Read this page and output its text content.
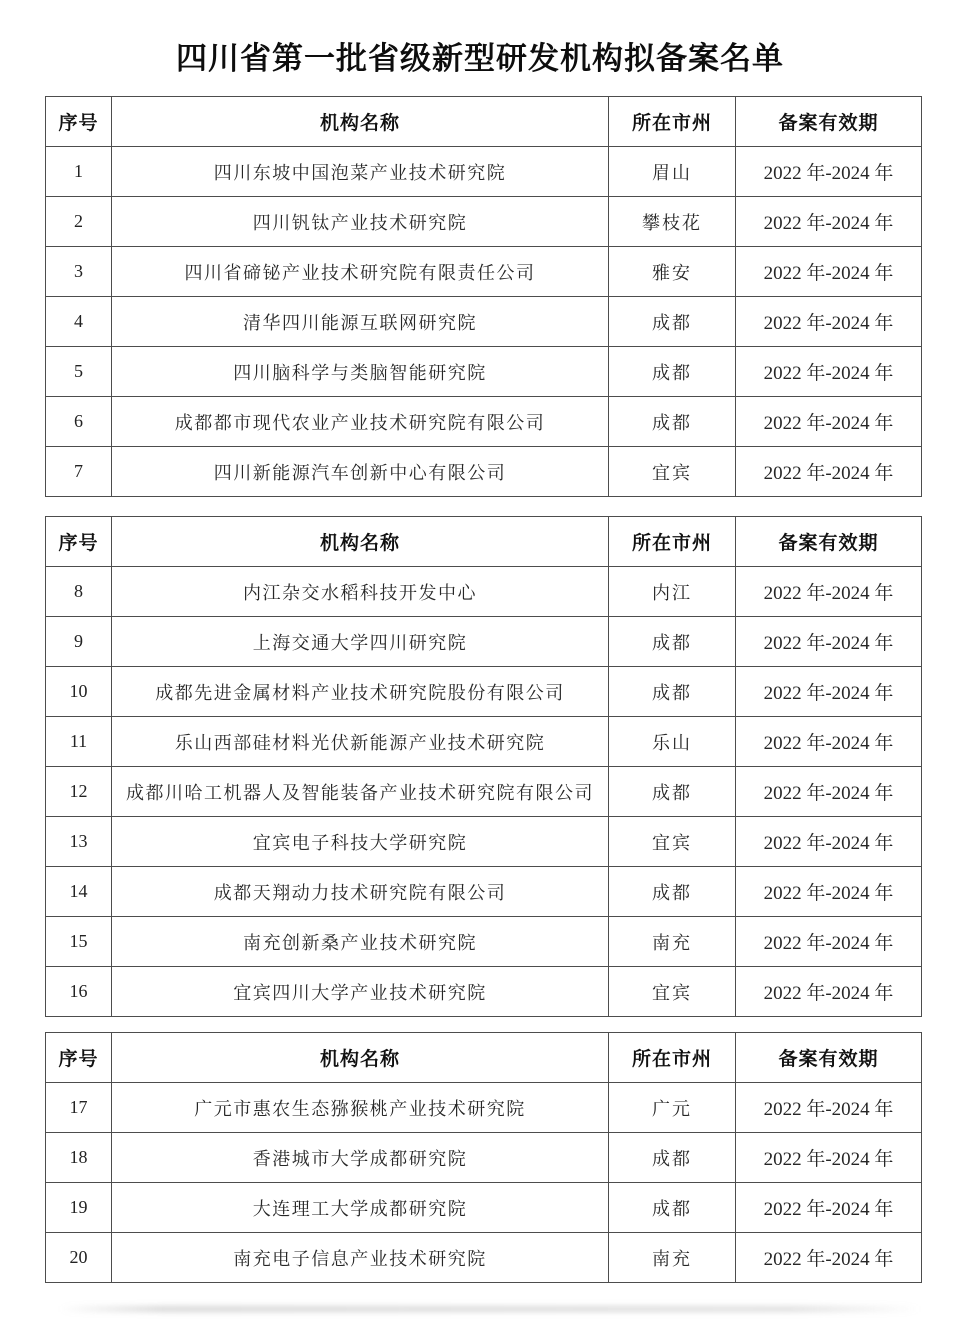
四川省第一批省级新型研发机构拟备案名单
序号	机构名称	所在市州	备案有效期
1	四川东坡中国泡菜产业技术研究院	眉山	2022 年-2024 年
2	四川钒钛产业技术研究院	攀枝花	2022 年-2024 年
3	四川省碲铋产业技术研究院有限责任公司	雅安	2022 年-2024 年
4	清华四川能源互联网研究院	成都	2022 年-2024 年
5	四川脑科学与类脑智能研究院	成都	2022 年-2024 年
6	成都都市现代农业产业技术研究院有限公司	成都	2022 年-2024 年
7	四川新能源汽车创新中心有限公司	宜宾	2022 年-2024 年
序号	机构名称	所在市州	备案有效期
8	内江杂交水稻科技开发中心	内江	2022 年-2024 年
9	上海交通大学四川研究院	成都	2022 年-2024 年
10	成都先进金属材料产业技术研究院股份有限公司	成都	2022 年-2024 年
11	乐山西部硅材料光伏新能源产业技术研究院	乐山	2022 年-2024 年
12	成都川哈工机器人及智能装备产业技术研究院有限公司	成都	2022 年-2024 年
13	宜宾电子科技大学研究院	宜宾	2022 年-2024 年
14	成都天翔动力技术研究院有限公司	成都	2022 年-2024 年
15	南充创新桑产业技术研究院	南充	2022 年-2024 年
16	宜宾四川大学产业技术研究院	宜宾	2022 年-2024 年
序号	机构名称	所在市州	备案有效期
17	广元市惠农生态猕猴桃产业技术研究院	广元	2022 年-2024 年
18	香港城市大学成都研究院	成都	2022 年-2024 年
19	大连理工大学成都研究院	成都	2022 年-2024 年
20	南充电子信息产业技术研究院	南充	2022 年-2024 年
